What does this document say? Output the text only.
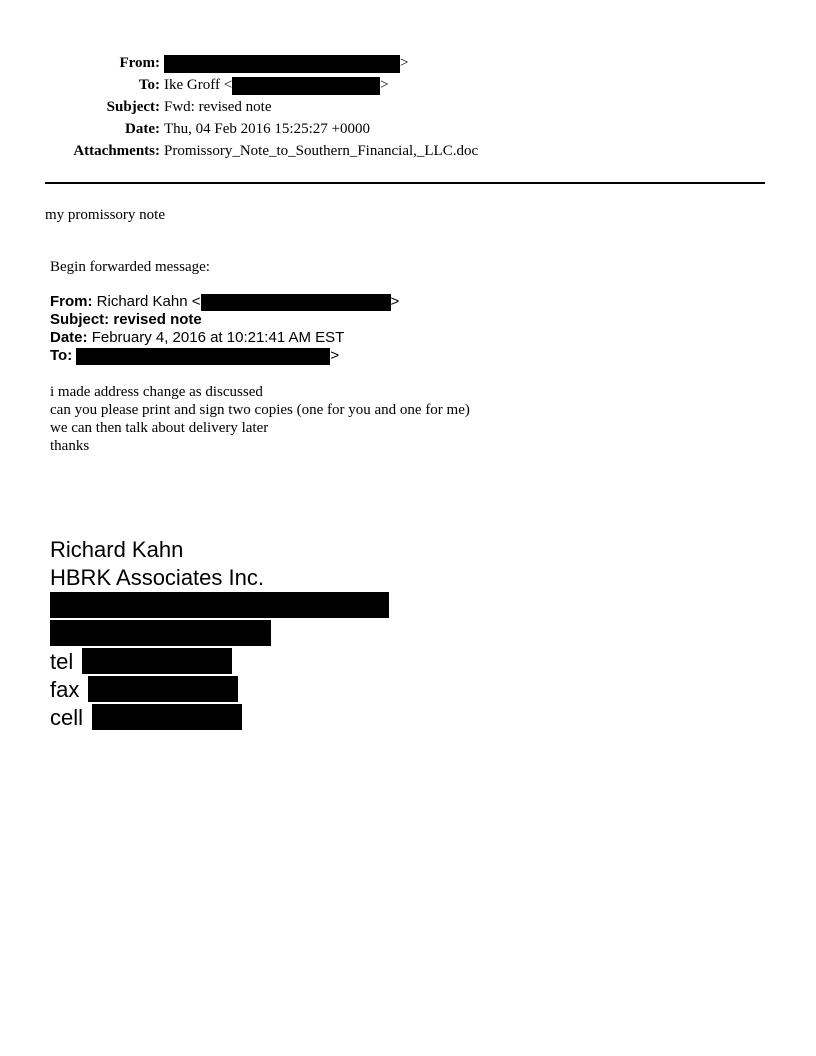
From:	>
To: Ike Groff <	>
Subject: Fwd: revised note
Date: Thu, 04 Feb 2016 15:25:27 +0000
Attachments: Promissory_Note_to_Southern_Financial,_LLC.doc
my promissory note
Begin forwarded message:
From: Richard Kahn <	>
Subject: revised note
Date: February 4, 2016 at 10:21:41 AM EST
To:	>
i made address change as discussed
can you please print and sign two copies (one for you and one for me)
we can then talk about delivery later
thanks
Richard Kahn
HBRK Associates Inc.
tel
fax
cell
